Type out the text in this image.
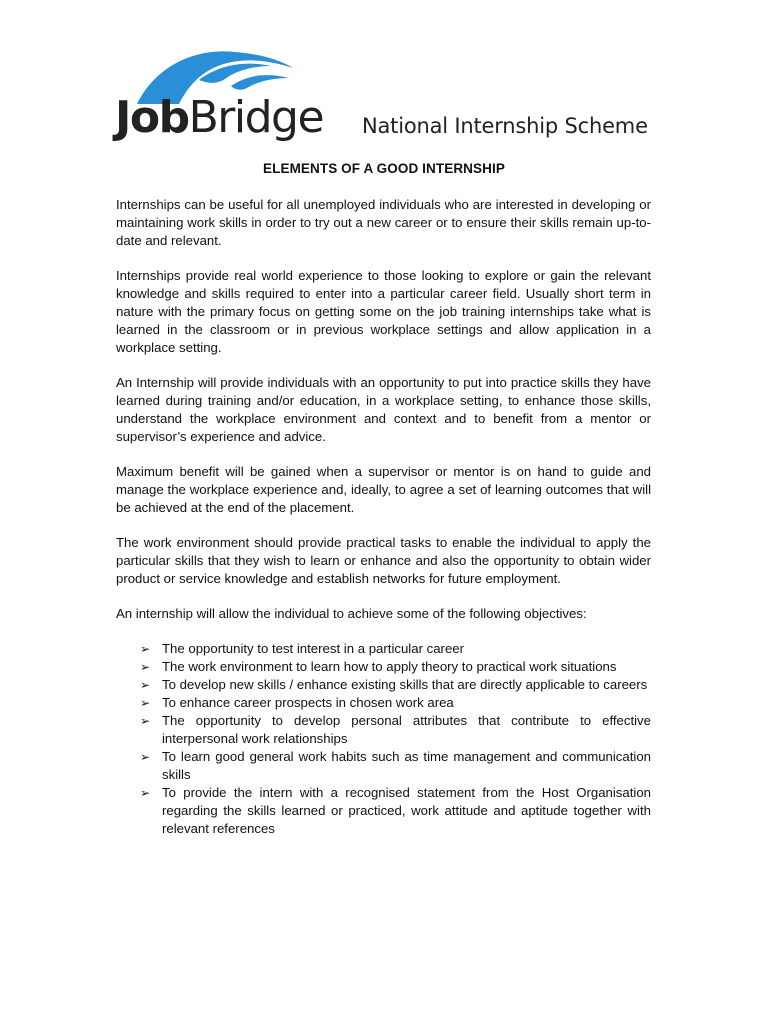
JobBridge National Internship Scheme
ELEMENTS OF A GOOD INTERNSHIP

Internships can be useful for all unemployed individuals who are interested in developing or maintaining work skills in order to try out a new career or to ensure their skills remain up-to-date and relevant.

Internships provide real world experience to those looking to explore or gain the relevant knowledge and skills required to enter into a particular career field. Usually short term in nature with the primary focus on getting some on the job training internships take what is learned in the classroom or in previous workplace settings and allow application in a workplace setting.

An Internship will provide individuals with an opportunity to put into practice skills they have learned during training and/or education, in a workplace setting, to enhance those skills, understand the workplace environment and context and to benefit from a mentor or supervisor’s experience and advice.

Maximum benefit will be gained when a supervisor or mentor is on hand to guide and manage the workplace experience and, ideally, to agree a set of learning outcomes that will be achieved at the end of the placement.

The work environment should provide practical tasks to enable the individual to apply the particular skills that they wish to learn or enhance and also the opportunity to obtain wider product or service knowledge and establish networks for future employment.

An internship will allow the individual to achieve some of the following objectives:

➢ The opportunity to test interest in a particular career
➢ The work environment to learn how to apply theory to practical work situations
➢ To develop new skills / enhance existing skills that are directly applicable to careers
➢ To enhance career prospects in chosen work area
➢ The opportunity to develop personal attributes that contribute to effective interpersonal work relationships
➢ To learn good general work habits such as time management and communication skills
➢ To provide the intern with a recognised statement from the Host Organisation regarding the skills learned or practiced, work attitude and aptitude together with relevant references
